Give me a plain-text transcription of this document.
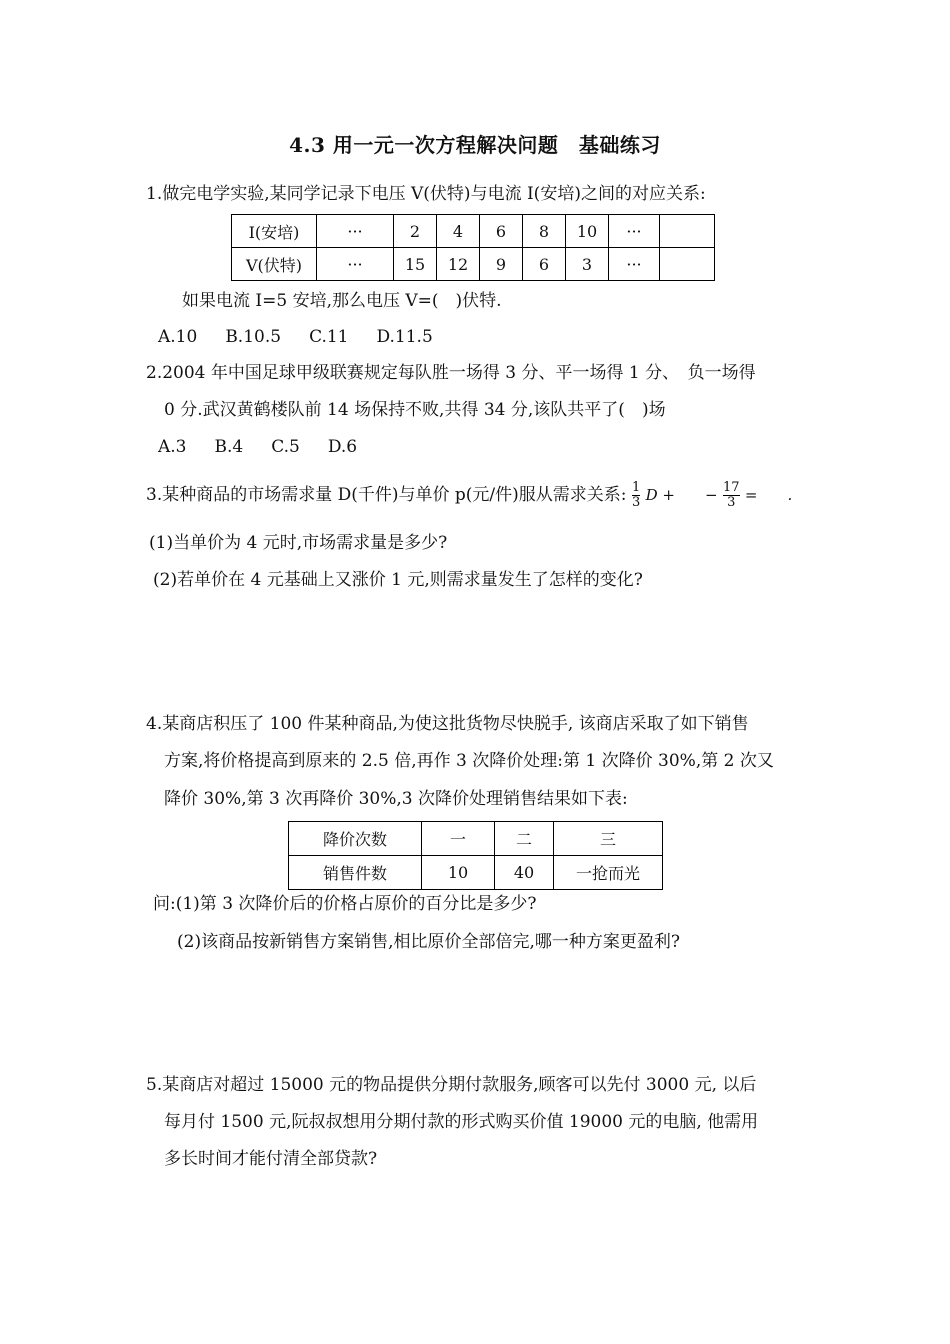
4.3 用一元一次方程解决问题　基础练习
1.做完电学实验,某同学记录下电压 V(伏特)与电流 I(安培)之间的对应关系:
I(安培)	···	2	4	6	8	10	···	
V(伏特)	···	15	12	9	6	3	···	
如果电流 I=5 安培,那么电压 V=(　)伏特.
A.10 B.10.5 C.11 D.11.5
2.2004 年中国足球甲级联赛规定每队胜一场得 3 分、平一场得 1 分、　负一场得
0 分.武汉黄鹤楼队前 14 场保持不败,共得 34 分,该队共平了(　)场
A.3 B.4 C.5 D.6
3.某种商品的市场需求量 D(千件)与单价 p(元/件)服从需求关系: $\frac{1}{3}$ D +　　− $\frac{17}{3}$ =　　.
(1)当单价为 4 元时,市场需求量是多少?
(2)若单价在 4 元基础上又涨价 1 元,则需求量发生了怎样的变化?
4.某商店积压了 100 件某种商品,为使这批货物尽快脱手, 该商店采取了如下销售
方案,将价格提高到原来的 2.5 倍,再作 3 次降价处理:第 1 次降价 30%,第 2 次又
降价 30%,第 3 次再降价 30%,3 次降价处理销售结果如下表:
降价次数	一	二	三
销售件数	10	40	一抢而光
问:(1)第 3 次降价后的价格占原价的百分比是多少?
(2)该商品按新销售方案销售,相比原价全部倍完,哪一种方案更盈利?
5.某商店对超过 15000 元的物品提供分期付款服务,顾客可以先付 3000 元, 以后
每月付 1500 元,阮叔叔想用分期付款的形式购买价值 19000 元的电脑, 他需用
多长时间才能付清全部贷款?
